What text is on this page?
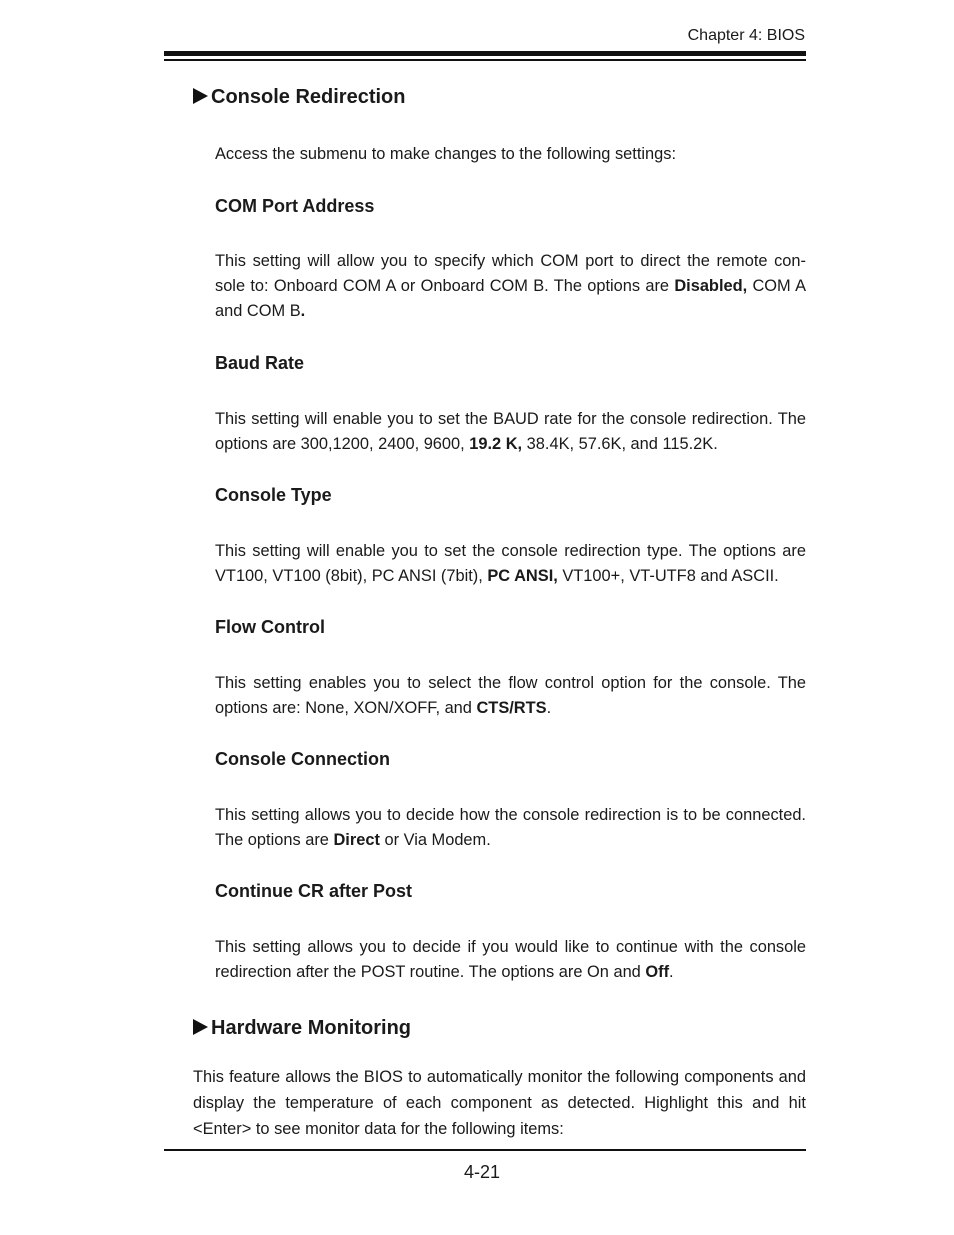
Chapter 4: BIOS
Console Redirection
Access the submenu to make changes to the following settings:
COM Port Address
This setting will allow you to specify which COM port to direct the remote con-sole to: Onboard COM A or Onboard COM B. The options are Disabled, COM A and COM B.
Baud Rate
This setting will enable you to set the BAUD rate for the console redirection. The options are 300,1200, 2400, 9600, 19.2 K, 38.4K, 57.6K, and 115.2K.
Console Type
This setting will enable you to set the console redirection type. The options are VT100, VT100 (8bit), PC ANSI (7bit), PC ANSI, VT100+, VT-UTF8 and ASCII.
Flow Control
This setting enables you to select the flow control option for the console. The options are: None, XON/XOFF, and CTS/RTS.
Console Connection
This setting allows you to decide how the console redirection is to be connected. The options are Direct or Via Modem.
Continue CR after Post
This setting allows you to decide if you would like to continue with the console redirection after the POST routine. The options are On and Off.
Hardware Monitoring
This feature allows the BIOS to automatically monitor the following components and display the temperature of each component as detected. Highlight this and hit <Enter> to see monitor data for the following items:
4-21
